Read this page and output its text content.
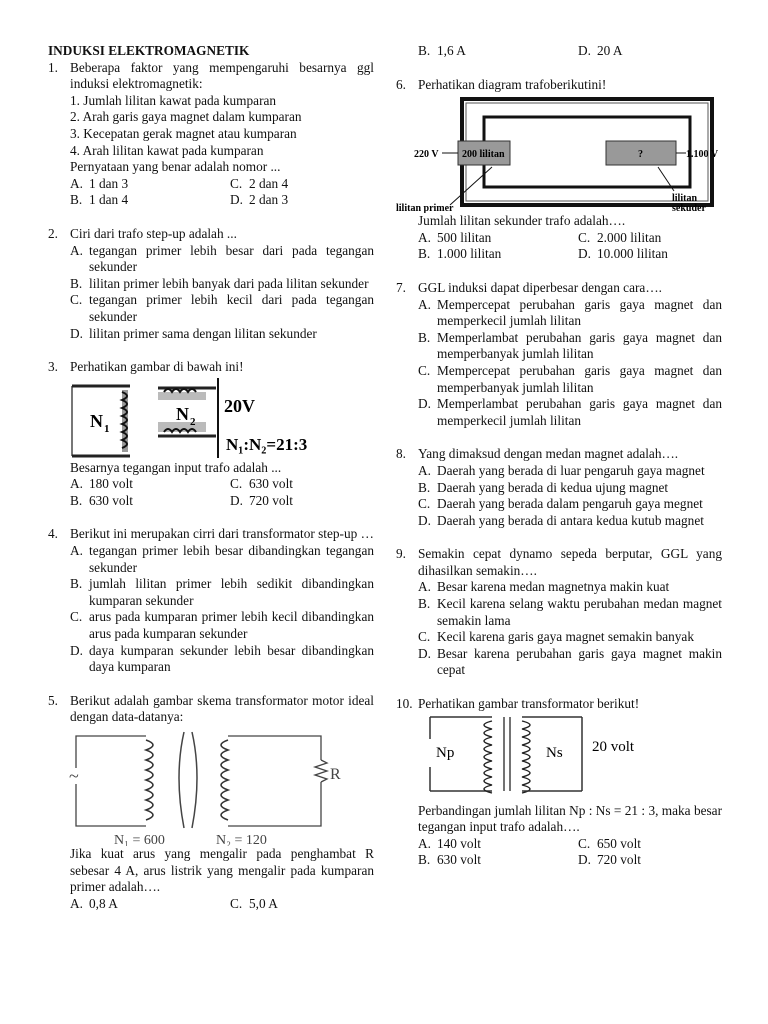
INDUKSI ELEKTROMAGNETIK
1. Beberapa faktor yang mempengaruhi besarnya ggl induksi elektromagnetik:
1. Jumlah lilitan kawat pada kumparan
2. Arah garis gaya magnet dalam kumparan
3. Kecepatan gerak magnet atau kumparan
4. Arah lilitan kawat pada kumparan
Pernyataan yang benar adalah nomor ...
A. 1 dan 3	C. 2 dan 4
B. 1 dan 4	D. 2 dan 3
2. Ciri dari trafo step-up adalah ...
A. tegangan primer lebih besar dari pada tegangan sekunder
B. lilitan primer lebih banyak dari pada lilitan sekunder
C. tegangan primer lebih kecil dari pada tegangan sekunder
D. lilitan primer sama dengan lilitan sekunder
3. Perhatikan gambar di bawah ini!
N 1
N 2
20V
N₁:N₂=21:3
Besarnya tegangan input trafo adalah ...
A. 180 volt	C. 630 volt
B. 630 volt	D. 720 volt
4. Berikut ini merupakan cirri dari transformator step-up …
A. tegangan primer lebih besar dibandingkan tegangan sekunder
B. jumlah lilitan primer lebih sedikit dibandingkan kumparan sekunder
C. arus pada kumparan primer lebih kecil dibandingkan arus pada kumparan sekunder
D. daya kumparan sekunder lebih besar dibandingkan daya kumparan
5. Berikut adalah gambar skema transformator motor ideal dengan data-datanya:
~	R
N₁ = 600	N₂ = 120
Jika kuat arus yang mengalir pada penghambat R sebesar 4 A, arus listrik yang mengalir pada kumparan primer adalah….
A. 0,8 A	C. 5,0 A
B. 1,6 A	D. 20 A
6. Perhatikan diagram trafoberikutini!
200 lilitan
220 V	?	1.100 V
lilitan primer
lilitan
sekuder
Jumlah lilitan sekunder trafo adalah….
A. 500 lilitan	C. 2.000 lilitan
B. 1.000 lilitan	D. 10.000 lilitan
7. GGL induksi dapat diperbesar dengan cara….
A. Mempercepat perubahan garis gaya magnet dan memperkecil jumlah lilitan
B. Memperlambat perubahan garis gaya magnet dan memperbanyak jumlah lilitan
C. Mempercepat perubahan garis gaya magnet dan memperbanyak jumlah lilitan
D. Memperlambat perubahan garis gaya magnet dan memperkecil jumlah lilitan
8. Yang dimaksud dengan medan magnet adalah….
A. Daerah yang berada di luar pengaruh gaya magnet
B. Daerah yang berada di kedua ujung magnet
C. Daerah yang berada dalam pengaruh gaya megnet
D. Daerah yang berada di antara kedua kutub magnet
9. Semakin cepat dynamo sepeda berputar, GGL yang dihasilkan semakin….
A. Besar karena medan magnetnya makin kuat
B. Kecil karena selang waktu perubahan medan magnet semakin lama
C. Kecil karena garis gaya magnet semakin banyak
D. Besar karena perubahan garis gaya magnet makin cepat
10. Perhatikan gambar transformator berikut!
Np	Ns 20 volt
Perbandingan jumlah lilitan Np : Ns = 21 : 3, maka besar tegangan input trafo adalah….
A. 140 volt	C. 650 volt
B. 630 volt	D. 720 volt
